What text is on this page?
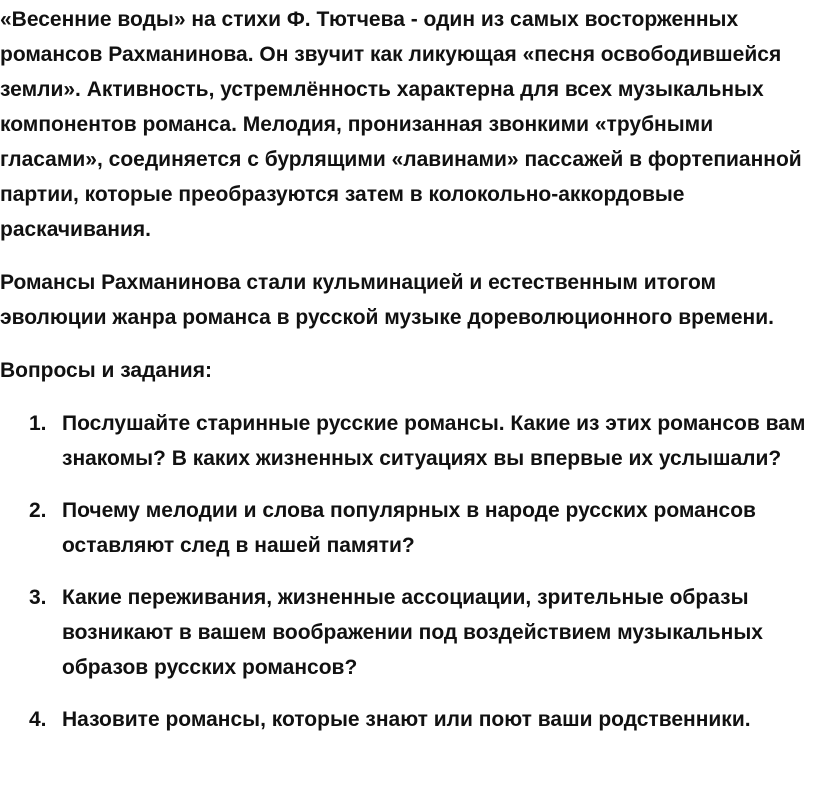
«Весенние воды» на стихи Ф. Тютчева - один из самых восторженных романсов Рахманинова. Он звучит как ликующая «песня освободившейся земли». Активность, устремлённость характерна для всех музыкальных компонентов романса. Мелодия, пронизанная звонкими «трубными гласами», соединяется с бурлящими «лавинами» пассажей в фортепианной партии, которые преобразуются затем в колокольно-аккордовые раскачивания.

Романсы Рахманинова стали кульминацией и естественным итогом эволюции жанра романса в русской музыке дореволюционного времени.

Вопросы и задания:

1. Послушайте старинные русские романсы. Какие из этих романсов вам знакомы? В каких жизненных ситуациях вы впервые их услышали?
2. Почему мелодии и слова популярных в народе русских романсов оставляют след в нашей памяти?
3. Какие переживания, жизненные ассоциации, зрительные образы возникают в вашем воображении под воздействием музыкальных образов русских романсов?
4. Назовите романсы, которые знают или поют ваши родственники.
